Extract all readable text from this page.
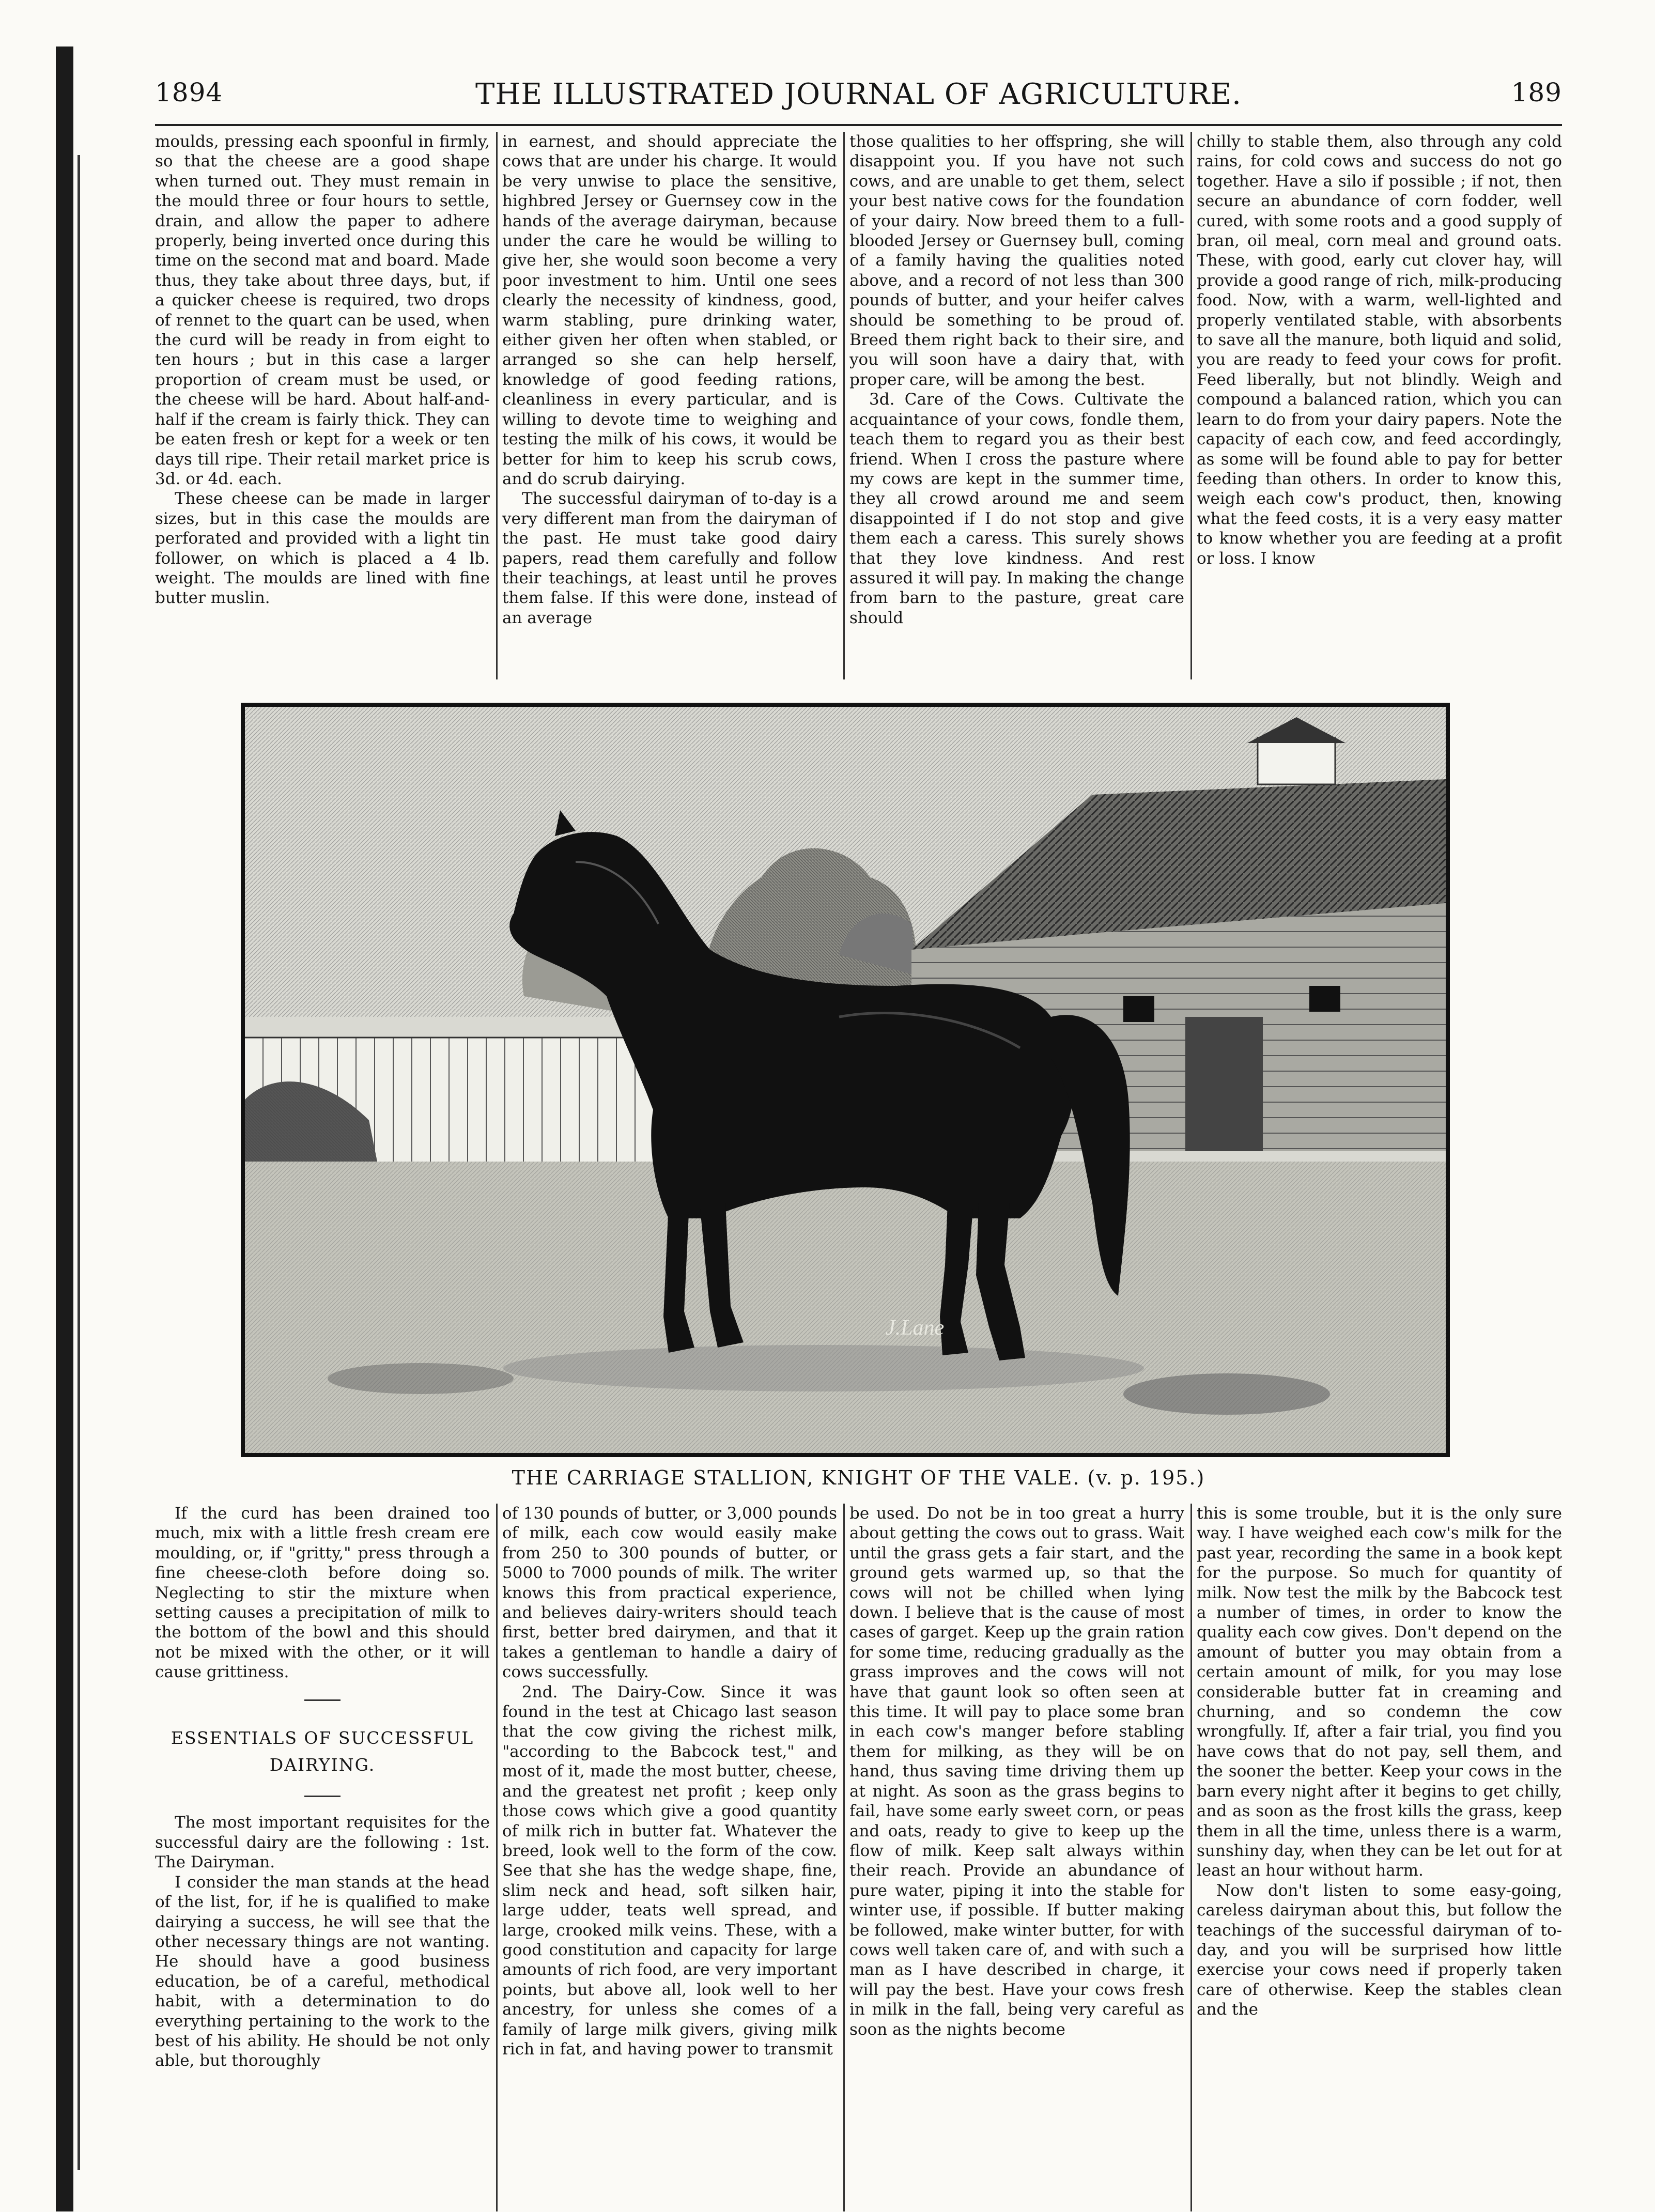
1894	THE ILLUSTRATED JOURNAL OF AGRICULTURE.	189

moulds, pressing each spoonful in firmly, so that the cheese are a good shape when turned out. They must remain in the mould three or four hours to settle, drain, and allow the paper to adhere properly, being inverted once during this time on the second mat and board. Made thus, they take about three days, but, if a quicker cheese is required, two drops of rennet to the quart can be used, when the curd will be ready in from eight to ten hours ; but in this case a larger proportion of cream must be used, or the cheese will be hard. About half-and-half if the cream is fairly thick. They can be eaten fresh or kept for a week or ten days till ripe. Their retail market price is 3d. or 4d. each.

These cheese can be made in larger sizes, but in this case the moulds are perforated and provided with a light tin follower, on which is placed a 4 lb. weight. The moulds are lined with fine butter muslin.

in earnest, and should appreciate the cows that are under his charge. It would be very unwise to place the sensitive, highbred Jersey or Guernsey cow in the hands of the average dairyman, because under the care he would be willing to give her, she would soon become a very poor investment to him. Until one sees clearly the necessity of kindness, good, warm stabling, pure drinking water, either given her often when stabled, or arranged so she can help herself, knowledge of good feeding rations, cleanliness in every particular, and is willing to devote time to weighing and testing the milk of his cows, it would be better for him to keep his scrub cows, and do scrub dairying.

The successful dairyman of to-day is a very different man from the dairyman of the past. He must take good dairy papers, read them carefully and follow their teachings, at least until he proves them false. If this were done, instead of an average

those qualities to her offspring, she will disappoint you. If you have not such cows, and are unable to get them, select your best native cows for the foundation of your dairy. Now breed them to a full-blooded Jersey or Guernsey bull, coming of a family having the qualities noted above, and a record of not less than 300 pounds of butter, and your heifer calves should be something to be proud of. Breed them right back to their sire, and you will soon have a dairy that, with proper care, will be among the best.

3d. Care of the Cows. Cultivate the acquaintance of your cows, fondle them, teach them to regard you as their best friend. When I cross the pasture where my cows are kept in the summer time, they all crowd around me and seem disappointed if I do not stop and give them each a caress. This surely shows that they love kindness. And rest assured it will pay. In making the change from barn to the pasture, great care should

chilly to stable them, also through any cold rains, for cold cows and success do not go together. Have a silo if possible ; if not, then secure an abundance of corn fodder, well cured, with some roots and a good supply of bran, oil meal, corn meal and ground oats. These, with good, early cut clover hay, will provide a good range of rich, milk-producing food. Now, with a warm, well-lighted and properly ventilated stable, with absorbents to save all the manure, both liquid and solid, you are ready to feed your cows for profit. Feed liberally, but not blindly. Weigh and compound a balanced ration, which you can learn to do from your dairy papers. Note the capacity of each cow, and feed accordingly, as some will be found able to pay for better feeding than others. In order to know this, weigh each cow's product, then, knowing what the feed costs, it is a very easy matter to know whether you are feeding at a profit or loss. I know

J.Lane
THE CARRIAGE STALLION, KNIGHT OF THE VALE. (v. p. 195.)

If the curd has been drained too much, mix with a little fresh cream ere moulding, or, if "gritty," press through a fine cheese-cloth before doing so. Neglecting to stir the mixture when setting causes a precipitation of milk to the bottom of the bowl and this should not be mixed with the other, or it will cause grittiness.

ESSENTIALS OF SUCCESSFUL DAIRYING.

The most important requisites for the successful dairy are the following : 1st. The Dairyman.

I consider the man stands at the head of the list, for, if he is qualified to make dairying a success, he will see that the other necessary things are not wanting. He should have a good business education, be of a careful, methodical habit, with a determination to do everything pertaining to the work to the best of his ability. He should be not only able, but thoroughly

of 130 pounds of butter, or 3,000 pounds of milk, each cow would easily make from 250 to 300 pounds of butter, or 5000 to 7000 pounds of milk. The writer knows this from practical experience, and believes dairy-writers should teach first, better bred dairymen, and that it takes a gentleman to handle a dairy of cows successfully.

2nd. The Dairy-Cow. Since it was found in the test at Chicago last season that the cow giving the richest milk, "according to the Babcock test," and most of it, made the most butter, cheese, and the greatest net profit ; keep only those cows which give a good quantity of milk rich in butter fat. Whatever the breed, look well to the form of the cow. See that she has the wedge shape, fine, slim neck and head, soft silken hair, large udder, teats well spread, and large, crooked milk veins. These, with a good constitution and capacity for large amounts of rich food, are very important points, but above all, look well to her ancestry, for unless she comes of a family of large milk givers, giving milk rich in fat, and having power to transmit

be used. Do not be in too great a hurry about getting the cows out to grass. Wait until the grass gets a fair start, and the ground gets warmed up, so that the cows will not be chilled when lying down. I believe that is the cause of most cases of garget. Keep up the grain ration for some time, reducing gradually as the grass improves and the cows will not have that gaunt look so often seen at this time. It will pay to place some bran in each cow's manger before stabling them for milking, as they will be on hand, thus saving time driving them up at night. As soon as the grass begins to fail, have some early sweet corn, or peas and oats, ready to give to keep up the flow of milk. Keep salt always within their reach. Provide an abundance of pure water, piping it into the stable for winter use, if possible. If butter making be followed, make winter butter, for with cows well taken care of, and with such a man as I have described in charge, it will pay the best. Have your cows fresh in milk in the fall, being very careful as soon as the nights become

this is some trouble, but it is the only sure way. I have weighed each cow's milk for the past year, recording the same in a book kept for the purpose. So much for quantity of milk. Now test the milk by the Babcock test a number of times, in order to know the quality each cow gives. Don't depend on the amount of butter you may obtain from a certain amount of milk, for you may lose considerable butter fat in creaming and churning, and so condemn the cow wrongfully. If, after a fair trial, you find you have cows that do not pay, sell them, and the sooner the better. Keep your cows in the barn every night after it begins to get chilly, and as soon as the frost kills the grass, keep them in all the time, unless there is a warm, sunshiny day, when they can be let out for at least an hour without harm.

Now don't listen to some easy-going, careless dairyman about this, but follow the teachings of the successful dairyman of to-day, and you will be surprised how little exercise your cows need if properly taken care of otherwise. Keep the stables clean and the
